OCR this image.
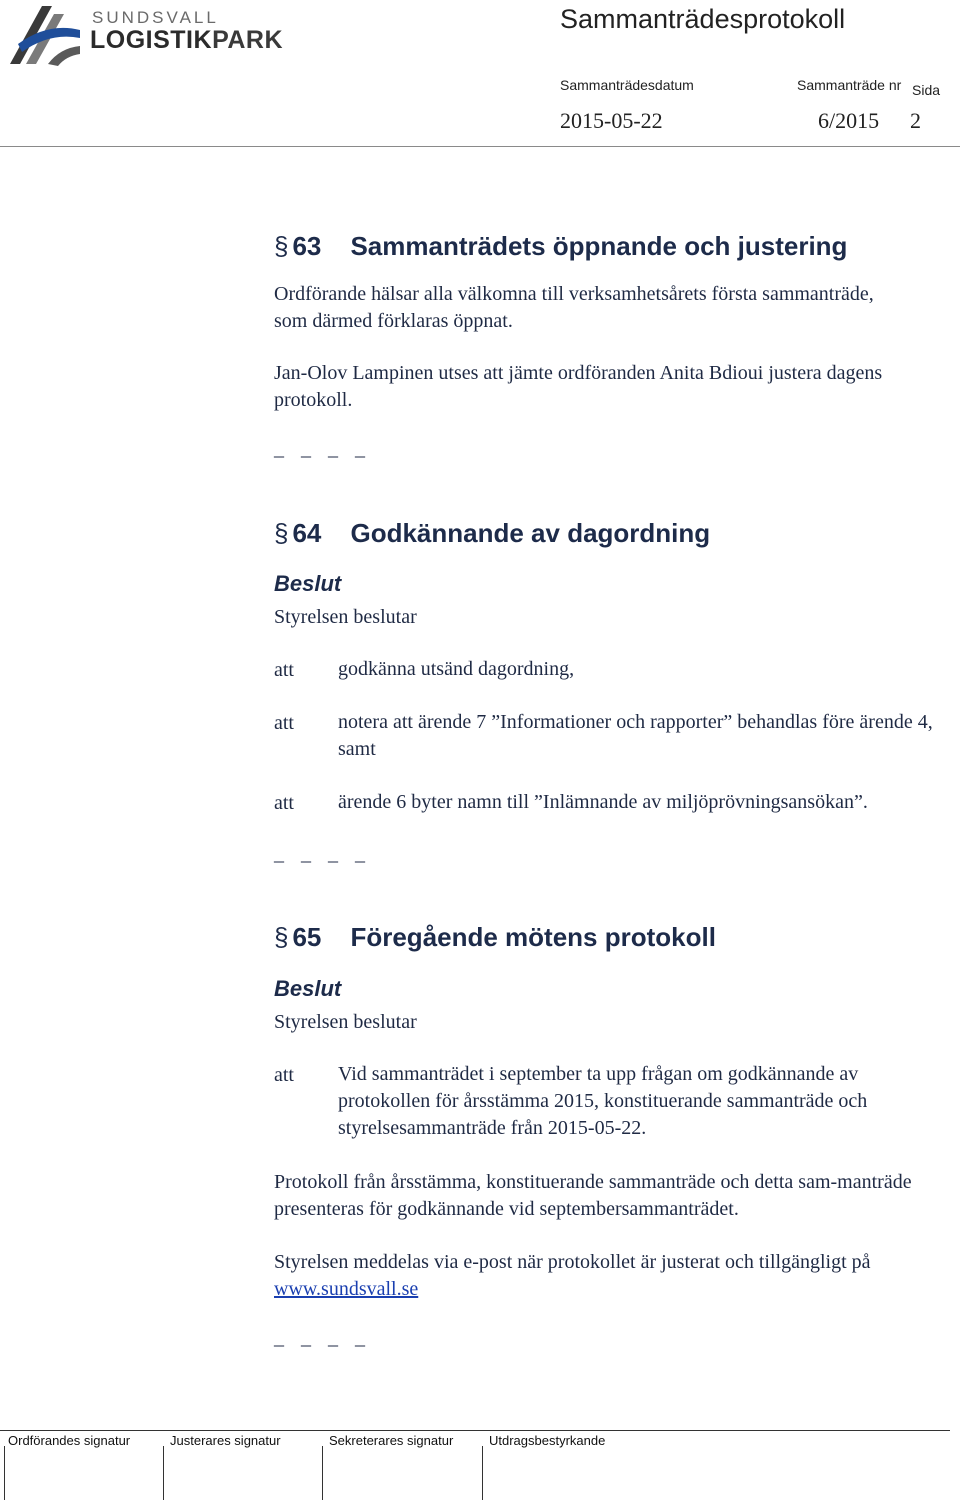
SUNDSVALL
LOGISTIKPARK
Sammanträdesprotokoll
Sammanträdesdatum	Sammanträde nr Sida
2015-05-22	6/2015 2
§ 63 Sammanträdets öppnande och justering
Ordförande hälsar alla välkomna till verksamhetsårets första sammanträde, som därmed förklaras öppnat.
Jan-Olov Lampinen utses att jämte ordföranden Anita Bdioui justera dagens protokoll.
_ _ _ _
§ 64 Godkännande av dagordning
Beslut
Styrelsen beslutar
att godkänna utsänd dagordning,
att notera att ärende 7 ”Informationer och rapporter” behandlas före ärende 4, samt
att ärende 6 byter namn till ”Inlämnande av miljöprövningsansökan”.
_ _ _ _
§ 65 Föregående mötens protokoll
Beslut
Styrelsen beslutar
att Vid sammanträdet i september ta upp frågan om godkännande av protokollen för årsstämma 2015, konstituerande sammanträde och styrelsesammanträde från 2015-05-22.
Protokoll från årsstämma, konstituerande sammanträde och detta sam-manträde presenteras för godkännande vid septembersammanträdet.
Styrelsen meddelas via e-post när protokollet är justerat och tillgängligt på www.sundsvall.se
_ _ _ _
Ordförandes signatur	Justerares signatur	Sekreterares signatur	Utdragsbestyrkande
